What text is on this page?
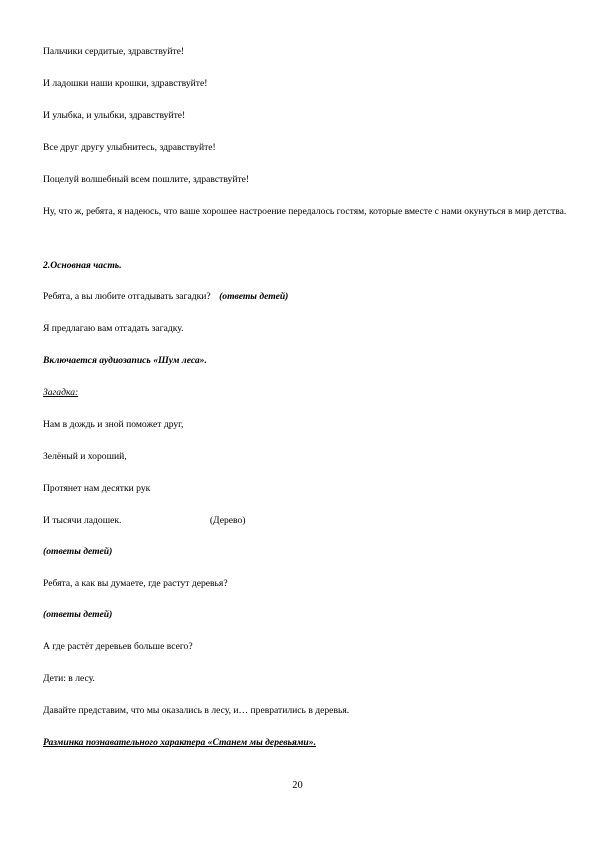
Пальчики сердитые, здравствуйте!
И ладошки наши крошки, здравствуйте!
И улыбка, и улыбки, здравствуйте!
Все друг другу улыбнитесь, здравствуйте!
Поцелуй волшебный всем пошлите, здравствуйте!
Ну, что ж, ребята, я надеюсь, что ваше хорошее настроение передалось гостям, которые вместе с нами окунуться в мир детства.
2.Основная часть.
Ребята, а вы любите отгадывать загадки? (ответы детей)
Я предлагаю вам отгадать загадку.
Включается аудиозапись «Шум леса».
Загадка:
Нам в дождь и зной поможет друг,
Зелёный и хороший,
Протянет нам десятки рук
И тысячи ладошек.	(Дерево)
(ответы детей)
Ребята, а как вы думаете, где растут деревья?
(ответы детей)
А где растёт деревьев больше всего?
Дети: в лесу.
Давайте представим, что мы оказались в лесу, и… превратились в деревья.
Разминка познавательного характера «Станем мы деревьями».
20
